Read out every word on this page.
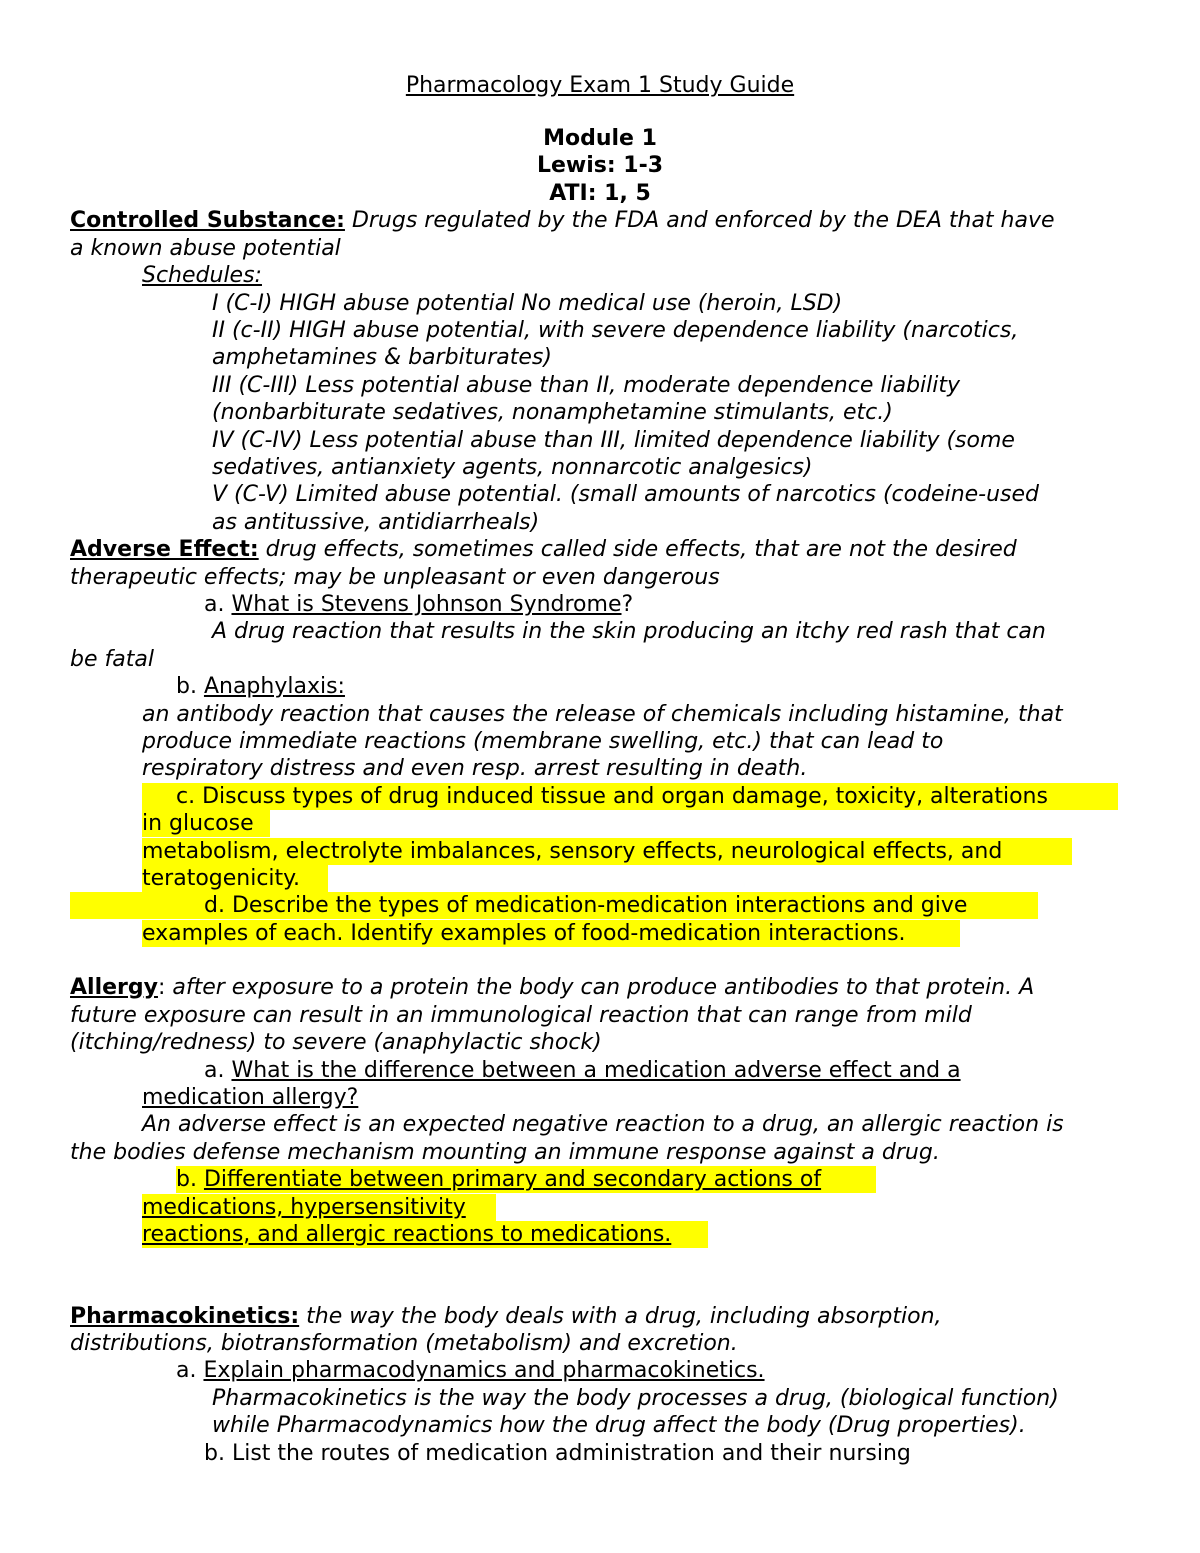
Pharmacology Exam 1 Study Guide
Module 1
Lewis: 1-3
ATI: 1, 5
Controlled Substance: Drugs regulated by the FDA and enforced by the DEA that have
a known abuse potential
Schedules:
I (C-I) HIGH abuse potential No medical use (heroin, LSD)
II (c-II) HIGH abuse potential, with severe dependence liability (narcotics,
amphetamines & barbiturates)
III (C-III) Less potential abuse than II, moderate dependence liability
(nonbarbiturate sedatives, nonamphetamine stimulants, etc.)
IV (C-IV) Less potential abuse than III, limited dependence liability (some
sedatives, antianxiety agents, nonnarcotic analgesics)
V (C-V) Limited abuse potential. (small amounts of narcotics (codeine-used
as antitussive, antidiarrheals)
Adverse Effect: drug effects, sometimes called side effects, that are not the desired
therapeutic effects; may be unpleasant or even dangerous
a. What is Stevens Johnson Syndrome?
A drug reaction that results in the skin producing an itchy red rash that can
be fatal
b. Anaphylaxis:
an antibody reaction that causes the release of chemicals including histamine, that
produce immediate reactions (membrane swelling, etc.) that can lead to
respiratory distress and even resp. arrest resulting in death.
c. Discuss types of drug induced tissue and organ damage, toxicity, alterations
in glucose
metabolism, electrolyte imbalances, sensory effects, neurological effects, and
teratogenicity.
d. Describe the types of medication-medication interactions and give
examples of each. Identify examples of food-medication interactions.
Allergy: after exposure to a protein the body can produce antibodies to that protein. A
future exposure can result in an immunological reaction that can range from mild
(itching/redness) to severe (anaphylactic shock)
a. What is the difference between a medication adverse effect and a
medication allergy?
An adverse effect is an expected negative reaction to a drug, an allergic reaction is
the bodies defense mechanism mounting an immune response against a drug.
b. Differentiate between primary and secondary actions of
medications, hypersensitivity
reactions, and allergic reactions to medications.
Pharmacokinetics: the way the body deals with a drug, including absorption,
distributions, biotransformation (metabolism) and excretion.
a. Explain pharmacodynamics and pharmacokinetics.
Pharmacokinetics is the way the body processes a drug, (biological function)
while Pharmacodynamics how the drug affect the body (Drug properties).
b. List the routes of medication administration and their nursing
